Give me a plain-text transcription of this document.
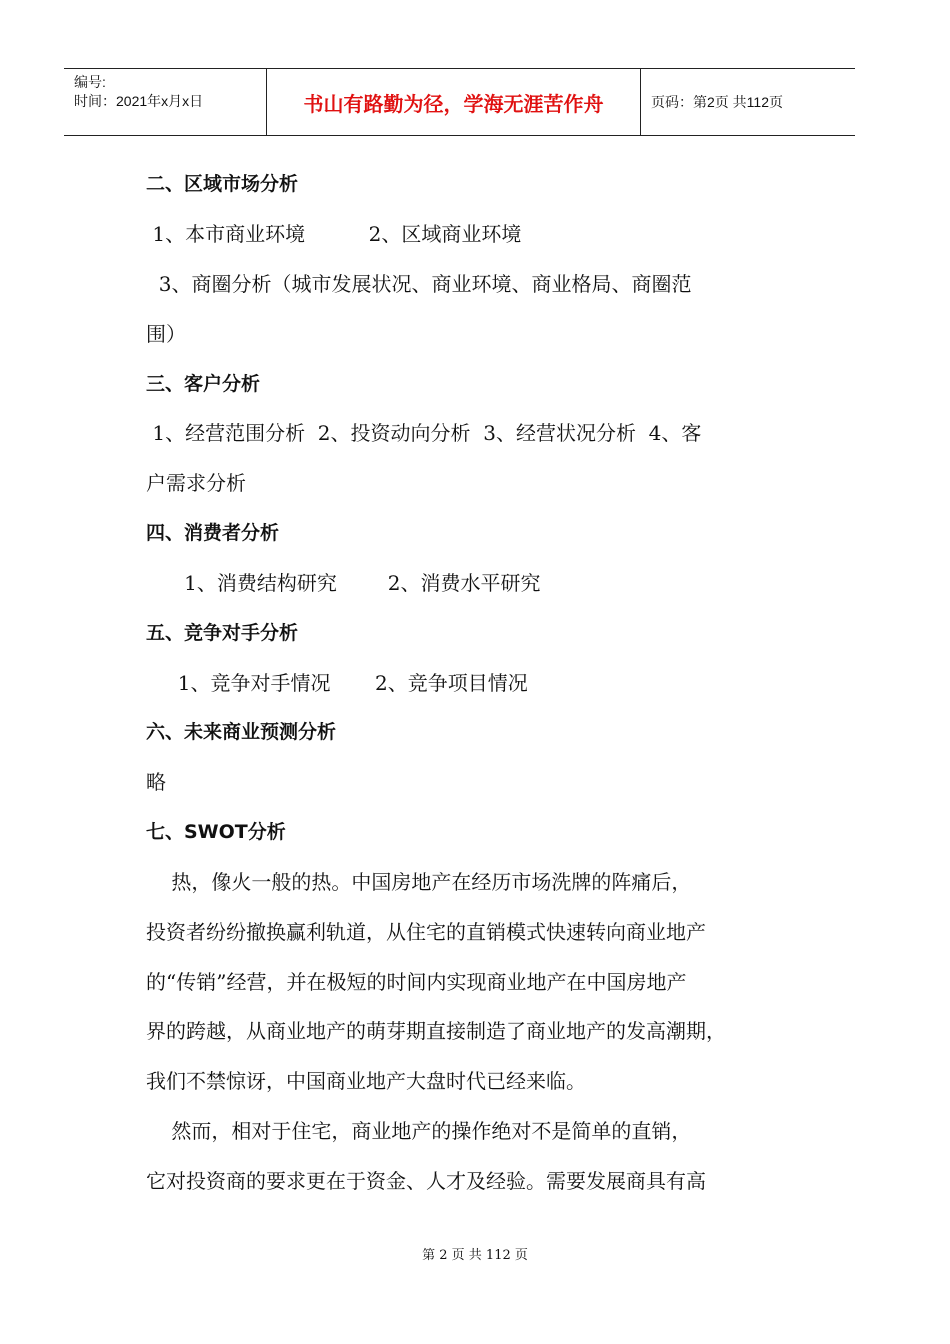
编号:
时间：2021年x月x日	书山有路勤为径，学海无涯苦作舟	页码：第2页 共112页
二、区域市场分析
1、本市商业环境          2、区域商业环境
3、商圈分析（城市发展状况、商业环境、商业格局、商圈范
围）
三、客户分析
1、经营范围分析  2、投资动向分析  3、经营状况分析  4、客
户需求分析
四、消费者分析
1、消费结构研究        2、消费水平研究
五、竞争对手分析
1、竞争对手情况       2、竞争项目情况
六、未来商业预测分析
略
七、SWOT分析
热，像火一般的热。中国房地产在经历市场洗牌的阵痛后，
投资者纷纷撤换赢利轨道，从住宅的直销模式快速转向商业地产
的“传销”经营，并在极短的时间内实现商业地产在中国房地产
界的跨越，从商业地产的萌芽期直接制造了商业地产的发高潮期，
我们不禁惊讶，中国商业地产大盘时代已经来临。
然而，相对于住宅，商业地产的操作绝对不是简单的直销，
它对投资商的要求更在于资金、人才及经验。需要发展商具有高
第 2 页 共 112 页
